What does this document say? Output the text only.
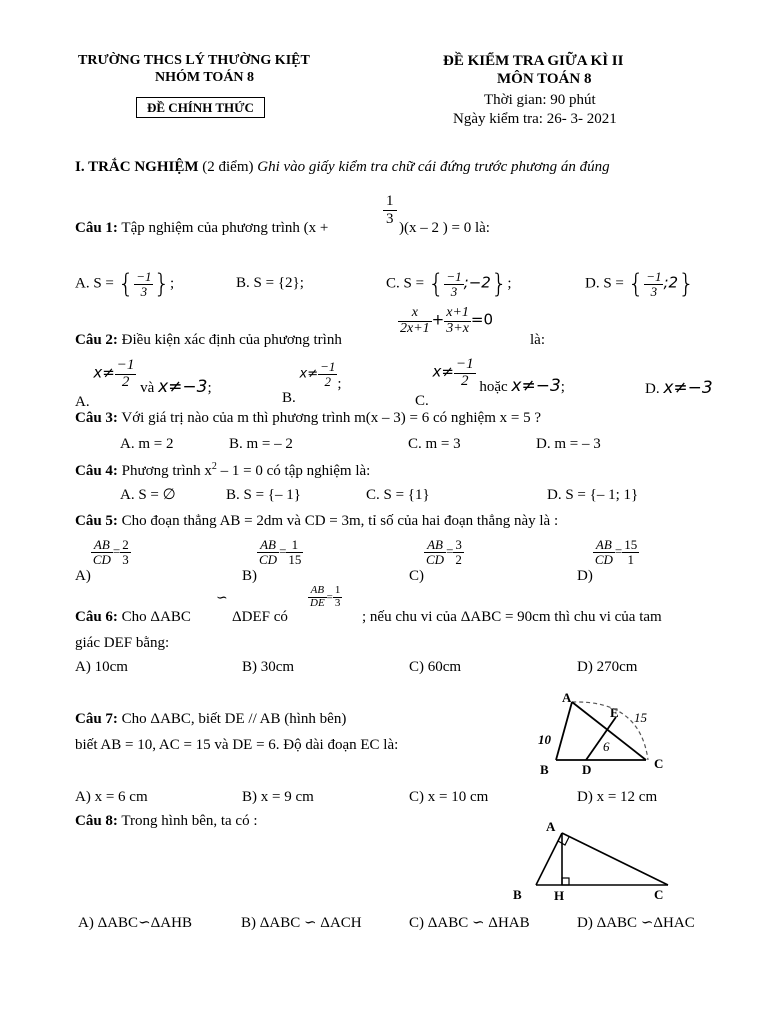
TRƯỜNG THCS LÝ THƯỜNG KIỆT
NHÓM TOÁN 8
ĐỀ CHÍNH THỨC
ĐỀ KIỂM TRA GIỮA KÌ II
MÔN TOÁN 8
Thời gian: 90 phút
Ngày kiểm tra: 26- 3- 2021
I. TRẮC NGHIỆM (2 điểm) Ghi vào giấy kiểm tra chữ cái đứng trước phương án đúng
Câu 1: Tập nghiệm của phương trình (x +
$\frac{1}{3}$
)(x – 2 ) = 0 là:
A. S = { $\frac{-1}{3}$ };	B. S = {2};	C. S = { $\frac{-1}{3}$ ;−2};	D. S = { $\frac{-1}{3}$ ;2}
Câu 2: Điều kiện xác định của phương trình
$\frac{x}{2x+1} + \frac{x+1}{3+x} =0$
là:
A. $x\ne \frac{-1}{2}$ và x≠−3;
B. $x\ne \frac{-1}{2}$ ;
C. $x\ne \frac{-1}{2}$ hoặc x≠−3;	D. x≠−3
Câu 3: Với giá trị nào của m thì phương trình m(x – 3) = 6 có nghiệm x = 5 ?
A. m = 2	B. m = – 2	C. m = 3	D. m = – 3
Câu 4: Phương trình $x^2 - 1 = 0$ có tập nghiệm là:
A. S = ∅	B. S = {– 1}	C. S = {1}	D. S = {– 1; 1}
Câu 5: Cho đoạn thẳng AB = 2dm và CD = 3m, tỉ số của hai đoạn thẳng này là :
A)
$\frac{AB}{CD} = \frac{2}{3}$
B)
$\frac{AB}{CD} = \frac{1}{15}$
C)
$\frac{AB}{CD} = \frac{3}{2}$
D)
$\frac{AB}{CD} = \frac{15}{1}$
Câu 6: Cho ΔABC
∽
ΔDEF có
$\frac{AB}{DE} = \frac{1}{3}$
; nếu chu vi của ΔABC = 90cm thì chu vi của tam
giác DEF bằng:
A) 10cm	B) 30cm	C) 60cm	D) 270cm
Câu 7: Cho ΔABC, biết DE // AB (hình bên)
biết AB = 10, AC = 15 và DE = 6. Độ dài đoạn EC là:
A
E 15
10	6
B	D	C
A) x = 6 cm	B) x = 9 cm	C) x = 10 cm	D) x = 12 cm
Câu 8: Trong hình bên, ta có :	A
B H	C
A) ΔABC∽ΔAHB	B) ΔABC ∽ ΔACH	C) ΔABC ∽ ΔHAB	D) ΔABC ∽ΔHAC
